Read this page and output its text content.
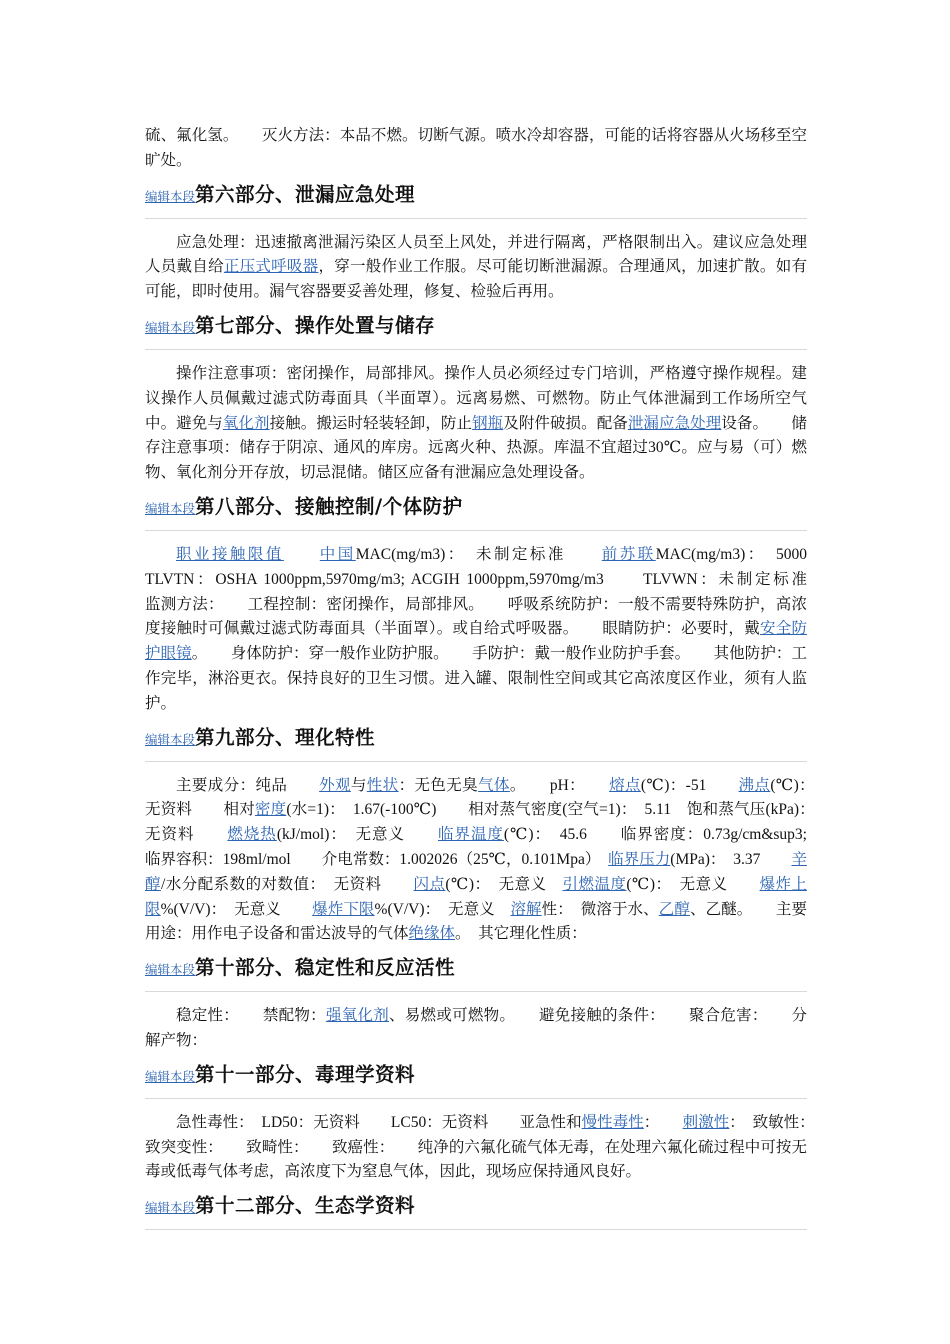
硫、氟化氢。　　灭火方法：本品不燃。切断气源。喷水冷却容器，可能的话将容器从火场移至空旷处。

编辑本段第六部分、泄漏应急处理

应急处理：迅速撤离泄漏污染区人员至上风处，并进行隔离，严格限制出入。建议应急处理人员戴自给正压式呼吸器，穿一般作业工作服。尽可能切断泄漏源。合理通风，加速扩散。如有可能，即时使用。漏气容器要妥善处理，修复、检验后再用。

编辑本段第七部分、操作处置与储存

操作注意事项：密闭操作，局部排风。操作人员必须经过专门培训，严格遵守操作规程。建议操作人员佩戴过滤式防毒面具（半面罩）。远离易燃、可燃物。防止气体泄漏到工作场所空气中。避免与氧化剂接触。搬运时轻装轻卸，防止钢瓶及附件破损。配备泄漏应急处理设备。　　储存注意事项：储存于阴凉、通风的库房。远离火种、热源。库温不宜超过30℃。应与易（可）燃物、氧化剂分开存放，切忌混储。储区应备有泄漏应急处理设备。

编辑本段第八部分、接触控制/个体防护

职业接触限值　　 中国MAC(mg/m3)：　未制定标准　　前苏联MAC(mg/m3)：　5000　TLVTN：OSHA 1000ppm,5970mg/m3; ACGIH 1000ppm,5970mg/m3　　TLVWN：未制定标准　　监测方法：　　工程控制：密闭操作，局部排风。　　呼吸系统防护：一般不需要特殊防护，高浓度接触时可佩戴过滤式防毒面具（半面罩）。或自给式呼吸器。　　眼睛防护：必要时，戴安全防护眼镜。　　身体防护：穿一般作业防护服。　　手防护：戴一般作业防护手套。　　其他防护：工作完毕，淋浴更衣。保持良好的卫生习惯。进入罐、限制性空间或其它高浓度区作业，须有人监护。

编辑本段第九部分、理化特性

主要成分：纯品　　外观与性状：无色无臭气体。　　pH：　　熔点(℃)：-51　　沸点(℃)：　无资料　　相对密度(水=1)：　1.67(-100℃)　　相对蒸气密度(空气=1)：　5.11　饱和蒸气压(kPa)：　无资料　　燃烧热(kJ/mol)：　无意义　　临界温度(℃)：　45.6　　临界密度：0.73g/cm&sup3;　　临界容积：198ml/mol　　介电常数：1.002026（25℃，0.101Mpa）　临界压力(MPa)：　3.37　　辛醇/水分配系数的对数值：　无资料　　闪点(℃)：　无意义　引燃温度(℃)：　无意义　　爆炸上限%(V/V)：　无意义　　爆炸下限%(V/V)：　无意义　溶解性：　微溶于水、乙醇、乙醚。　　主要用途：用作电子设备和雷达波导的气体绝缘体。　其它理化性质：

编辑本段第十部分、稳定性和反应活性

稳定性：　　禁配物：强氧化剂、易燃或可燃物。　　避免接触的条件：　　聚合危害：　　分解产物：

编辑本段第十一部分、毒理学资料

急性毒性：　LD50：无资料　　LC50：无资料　　亚急性和慢性毒性：　　刺激性：　致敏性：　　致突变性：　　致畸性：　　致癌性：　　纯净的六氟化硫气体无毒，在处理六氟化硫过程中可按无毒或低毒气体考虑，高浓度下为窒息气体，因此，现场应保持通风良好。

编辑本段第十二部分、生态学资料
